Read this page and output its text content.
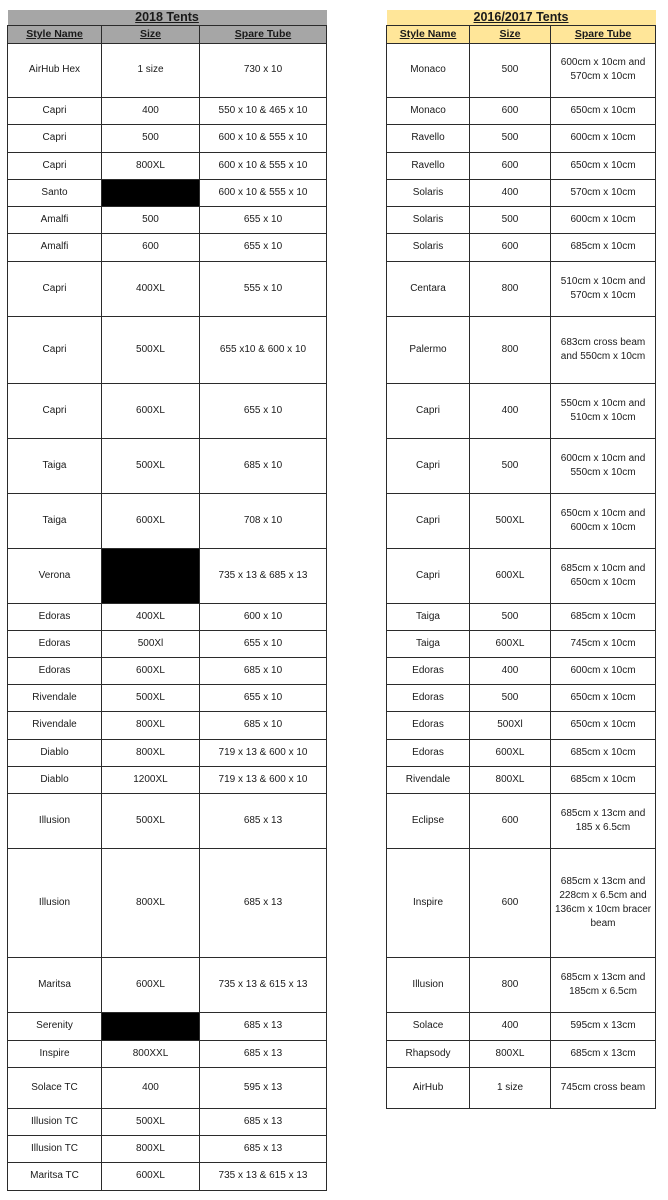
2018 Tents		
Style Name	Size	Spare Tube
AirHub Hex	1 size	730 x 10
Capri	400	550 x 10 & 465 x 10
Capri	500	600 x 10 & 555 x 10
Capri	800XL	600 x 10 & 555 x 10
Santo		600 x 10 & 555 x 10
Amalfi	500	655 x 10
Amalfi	600	655 x 10
Capri	400XL	555 x 10
Capri	500XL	655 x10 & 600 x 10
Capri	600XL	655 x 10
Taiga	500XL	685 x 10
Taiga	600XL	708 x 10
Verona		735 x 13 & 685 x 13
Edoras	400XL	600 x 10
Edoras	500Xl	655 x 10
Edoras	600XL	685 x 10
Rivendale	500XL	655 x 10
Rivendale	800XL	685 x 10
Diablo	800XL	719 x 13 & 600 x 10
Diablo	1200XL	719 x 13 & 600 x 10
Illusion	500XL	685 x 13
Illusion	800XL	685 x 13
Maritsa	600XL	735 x 13 & 615 x 13
Serenity		685 x 13
Inspire	800XXL	685 x 13
Solace TC	400	595 x 13
Illusion TC	500XL	685 x 13
Illusion TC	800XL	685 x 13
Maritsa TC	600XL	735 x 13 & 615 x 13
2016/2017 Tents		
Style Name	Size	Spare Tube
Monaco	500	600cm x 10cm and 570cm x 10cm
Monaco	600	650cm x 10cm
Ravello	500	600cm x 10cm
Ravello	600	650cm x 10cm
Solaris	400	570cm x 10cm
Solaris	500	600cm x 10cm
Solaris	600	685cm x 10cm
Centara	800	510cm x 10cm and 570cm x 10cm
Palermo	800	683cm cross beam and 550cm x 10cm
Capri	400	550cm x 10cm and 510cm x 10cm
Capri	500	600cm x 10cm and 550cm x 10cm
Capri	500XL	650cm x 10cm and 600cm x 10cm
Capri	600XL	685cm x 10cm and 650cm x 10cm
Taiga	500	685cm x 10cm
Taiga	600XL	745cm x 10cm
Edoras	400	600cm x 10cm
Edoras	500	650cm x 10cm
Edoras	500Xl	650cm x 10cm
Edoras	600XL	685cm x 10cm
Rivendale	800XL	685cm x 10cm
Eclipse	600	685cm x 13cm and 185 x 6.5cm
Inspire	600	685cm x 13cm and 228cm x 6.5cm and 136cm x 10cm bracer beam
Illusion	800	685cm x 13cm and 185cm x 6.5cm
Solace	400	595cm x 13cm
Rhapsody	800XL	685cm x 13cm
AirHub	1 size	745cm cross beam
